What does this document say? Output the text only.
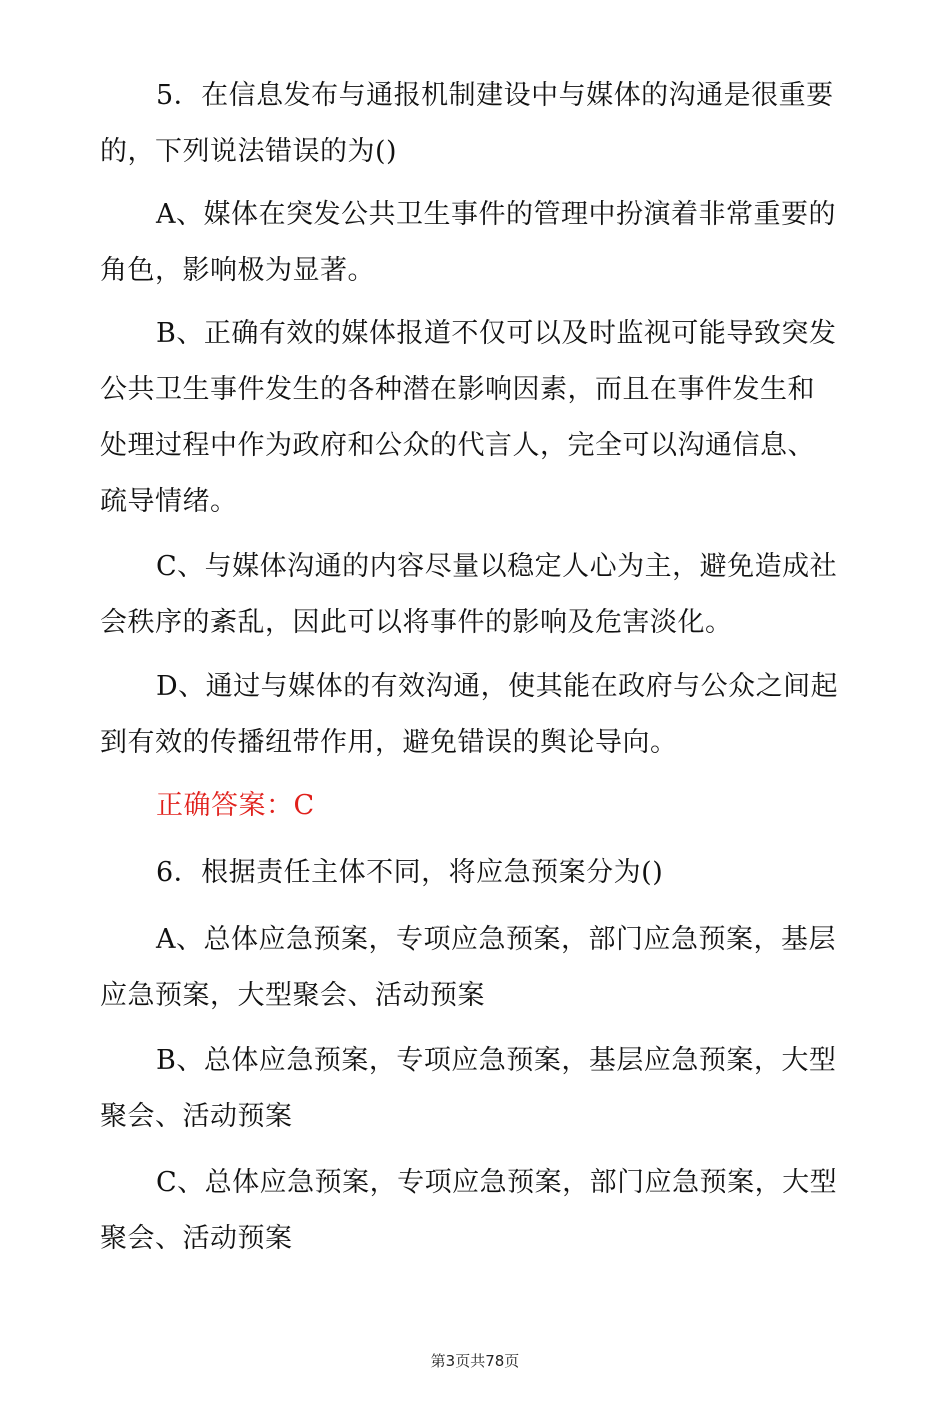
5．在信息发布与通报机制建设中与媒体的沟通是很重要的，下列说法错误的为()

A、媒体在突发公共卫生事件的管理中扮演着非常重要的角色，影响极为显著。

B、正确有效的媒体报道不仅可以及时监视可能导致突发公共卫生事件发生的各种潜在影响因素，而且在事件发生和处理过程中作为政府和公众的代言人，完全可以沟通信息、疏导情绪。

C、与媒体沟通的内容尽量以稳定人心为主，避免造成社会秩序的紊乱，因此可以将事件的影响及危害淡化。

D、通过与媒体的有效沟通，使其能在政府与公众之间起到有效的传播纽带作用，避免错误的舆论导向。

正确答案：C

6．根据责任主体不同，将应急预案分为()

A、总体应急预案，专项应急预案，部门应急预案，基层应急预案，大型聚会、活动预案

B、总体应急预案，专项应急预案，基层应急预案，大型聚会、活动预案

C、总体应急预案，专项应急预案，部门应急预案，大型聚会、活动预案

第3页共78页
